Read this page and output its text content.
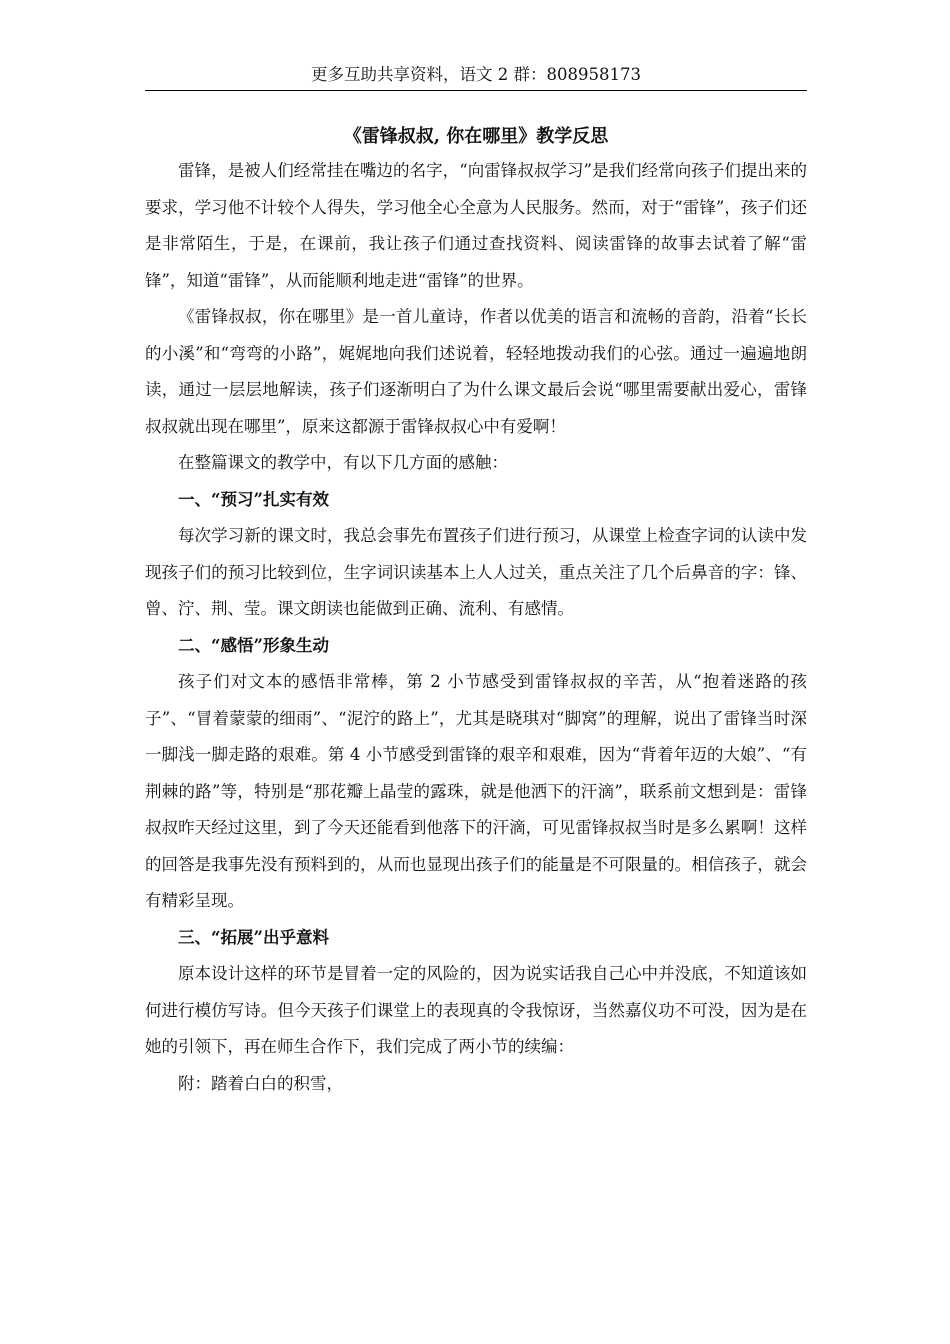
更多互助共享资料，语文 2 群：808958173
《雷锋叔叔, 你在哪里》教学反思

雷锋，是被人们经常挂在嘴边的名字，“向雷锋叔叔学习”是我们经常向孩子们提出来的要求，学习他不计较个人得失，学习他全心全意为人民服务。然而，对于“雷锋”，孩子们还是非常陌生，于是，在课前，我让孩子们通过查找资料、阅读雷锋的故事去试着了解“雷锋”，知道“雷锋”，从而能顺利地走进“雷锋”的世界。

《雷锋叔叔，你在哪里》是一首儿童诗，作者以优美的语言和流畅的音韵，沿着“长长的小溪”和“弯弯的小路”，娓娓地向我们述说着，轻轻地拨动我们的心弦。通过一遍遍地朗读，通过一层层地解读，孩子们逐渐明白了为什么课文最后会说“哪里需要献出爱心，雷锋叔叔就出现在哪里”，原来这都源于雷锋叔叔心中有爱啊！

在整篇课文的教学中，有以下几方面的感触：

一、“预习”扎实有效

每次学习新的课文时，我总会事先布置孩子们进行预习，从课堂上检查字词的认读中发现孩子们的预习比较到位，生字词识读基本上人人过关，重点关注了几个后鼻音的字：锋、曾、泞、荆、莹。课文朗读也能做到正确、流利、有感情。

二、“感悟”形象生动

孩子们对文本的感悟非常棒，第 2 小节感受到雷锋叔叔的辛苦，从“抱着迷路的孩子”、“冒着蒙蒙的细雨”、“泥泞的路上”，尤其是晓琪对“脚窝”的理解，说出了雷锋当时深一脚浅一脚走路的艰难。第 4 小节感受到雷锋的艰辛和艰难，因为“背着年迈的大娘”、“有荆棘的路”等，特别是“那花瓣上晶莹的露珠，就是他洒下的汗滴”，联系前文想到是：雷锋叔叔昨天经过这里，到了今天还能看到他落下的汗滴，可见雷锋叔叔当时是多么累啊！这样的回答是我事先没有预料到的，从而也显现出孩子们的能量是不可限量的。相信孩子，就会有精彩呈现。

三、“拓展”出乎意料

原本设计这样的环节是冒着一定的风险的，因为说实话我自己心中并没底，不知道该如何进行模仿写诗。但今天孩子们课堂上的表现真的令我惊讶，当然嘉仪功不可没，因为是在她的引领下，再在师生合作下，我们完成了两小节的续编：

附：踏着白白的积雪，
